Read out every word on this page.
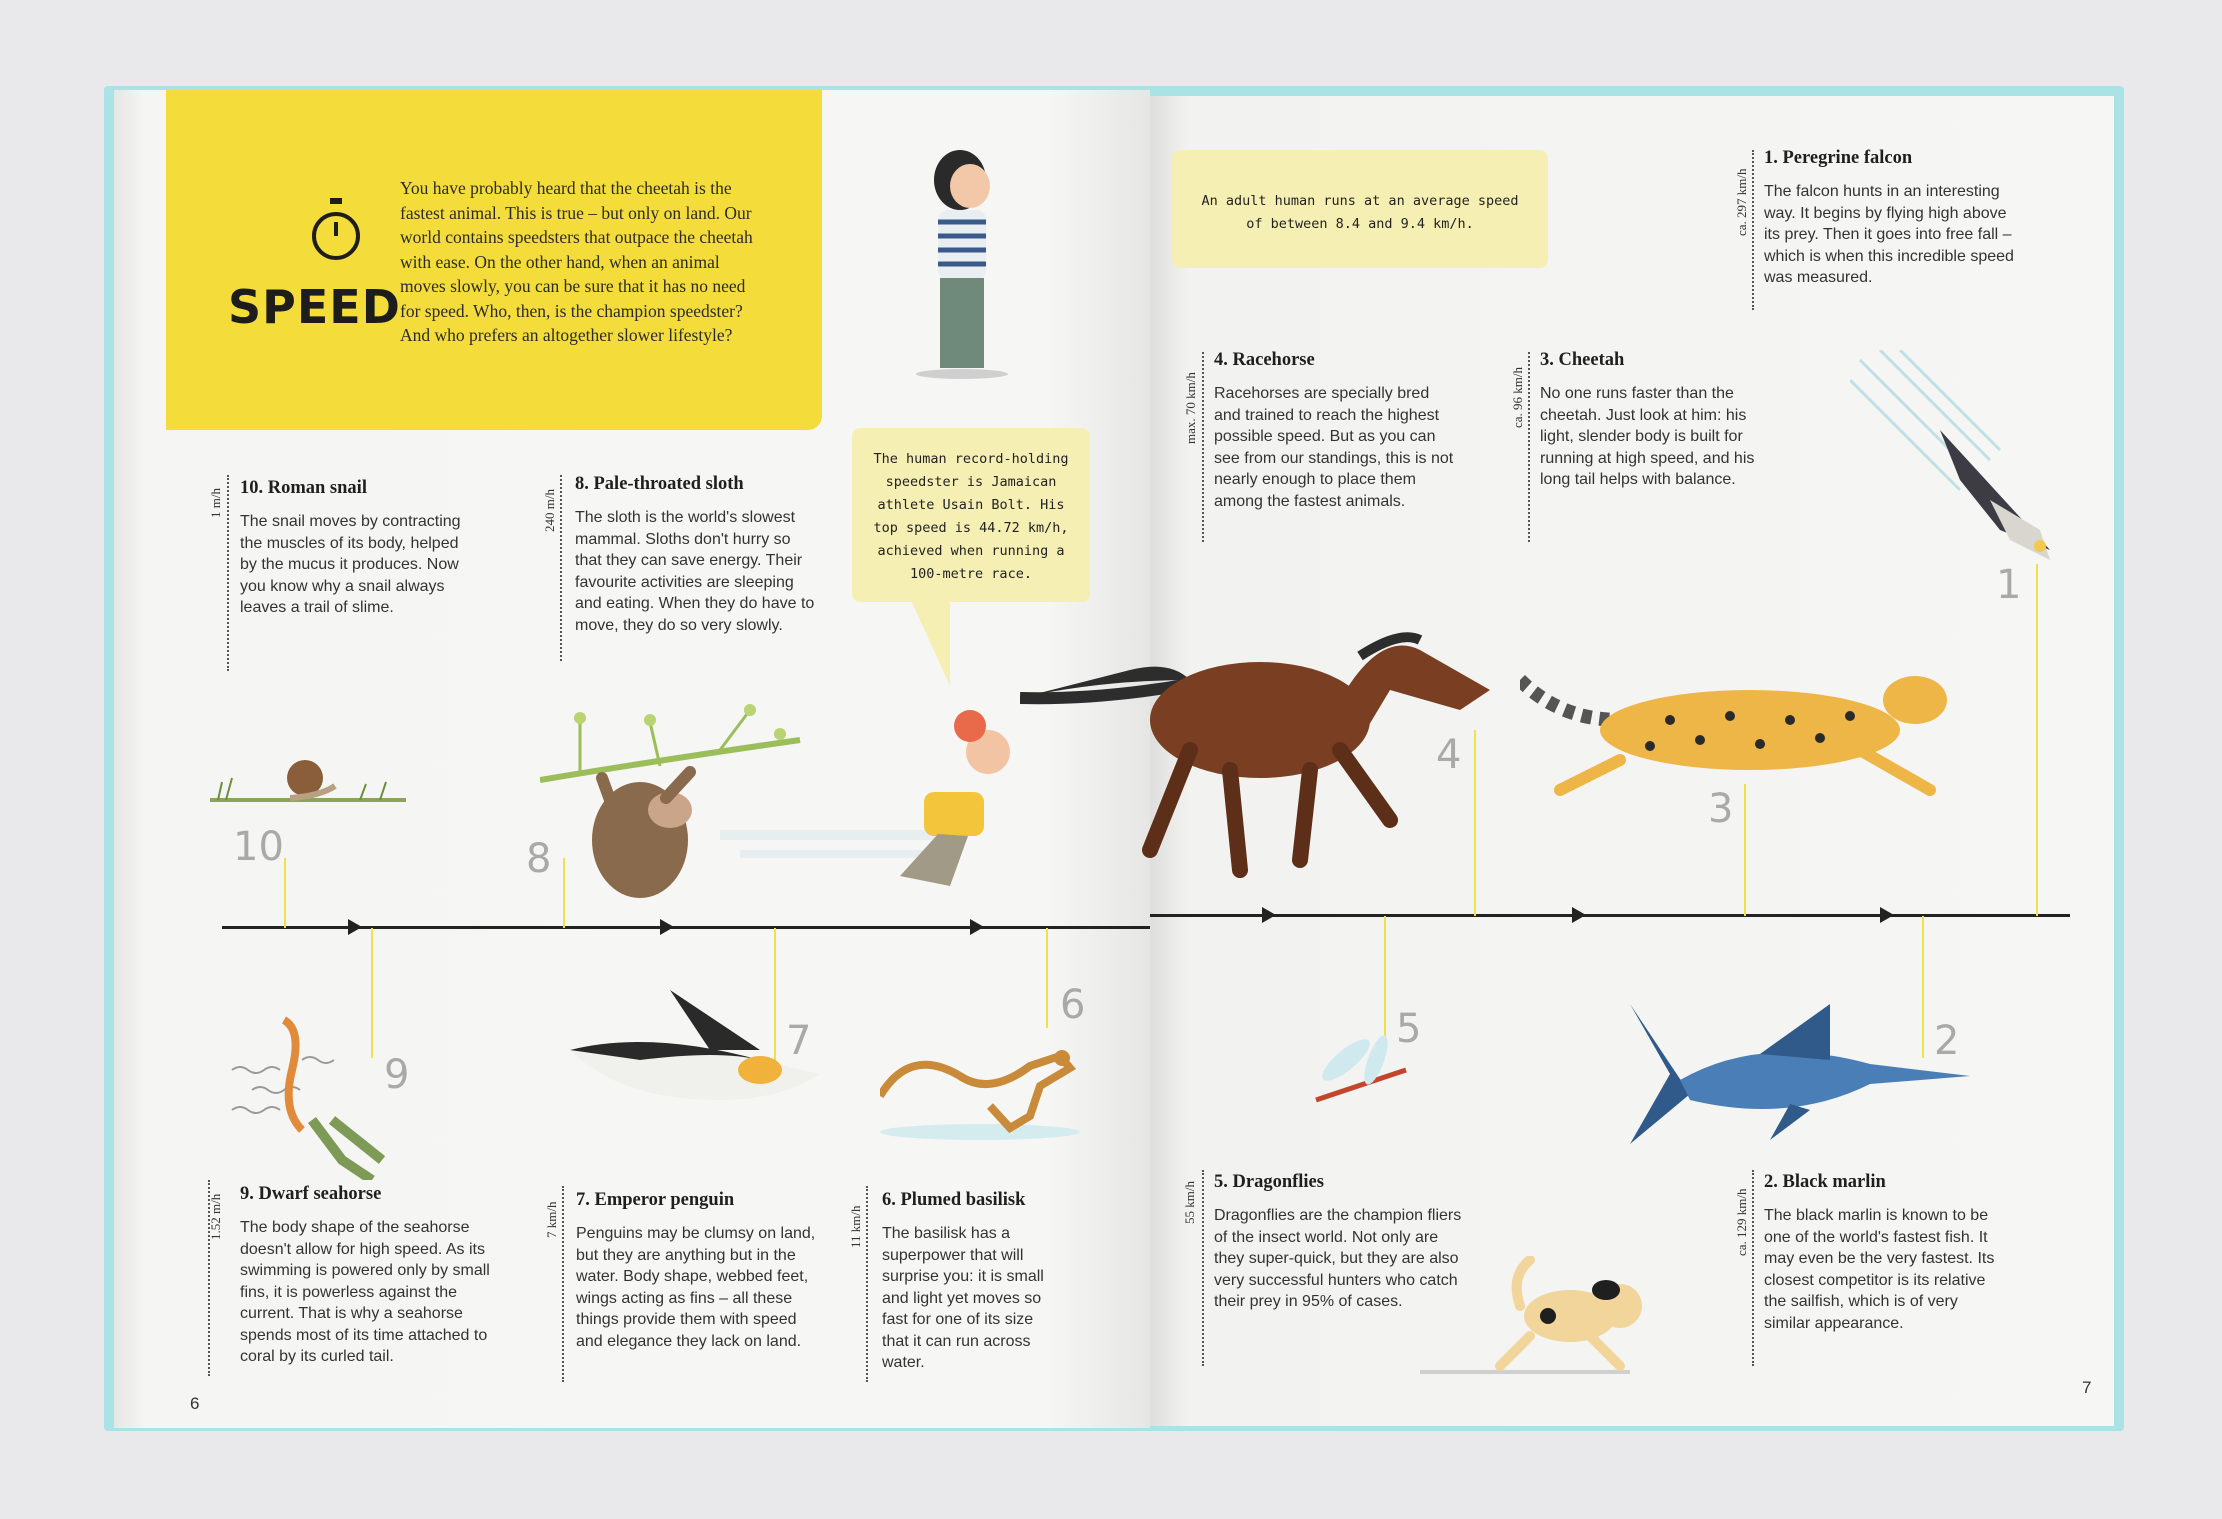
SPEED
You have probably heard that the cheetah is the fastest animal. This is true – but only on land. Our world contains speedsters that outpace the cheetah with ease. On the other hand, when an animal moves slowly, you can be sure that it has no need for speed. Who, then, is the champion speedster? And who prefers an altogether slower lifestyle?
An adult human runs at an average speed of between 8.4 and 9.4 km/h.
The human record-holding speedster is Jamaican athlete Usain Bolt. His top speed is 44.72 km/h, achieved when running a 100-metre race.
1 m/h
10. Roman snail
The snail moves by contracting the muscles of its body, helped by the mucus it produces. Now you know why a snail always leaves a trail of slime.
240 m/h
8. Pale-throated sloth
The sloth is the world's slowest mammal. Sloths don't hurry so that they can save energy. Their favourite activities are sleeping and eating. When they do have to move, they do so very slowly.
max. 70 km/h
4. Racehorse
Racehorses are specially bred and trained to reach the highest possible speed. But as you can see from our standings, this is not nearly enough to place them among the fastest animals.
ca. 96 km/h
3. Cheetah
No one runs faster than the cheetah. Just look at him: his light, slender body is built for running at high speed, and his long tail helps with balance.
ca. 297 km/h
1. Peregrine falcon
The falcon hunts in an interesting way. It begins by flying high above its prey. Then it goes into free fall – which is when this incredible speed was measured.
10	8
4
3
1
9
7
6
5	2
1.52 m/h 9. Dwarf seahorse
The body shape of the seahorse doesn't allow for high speed. As its swimming is powered only by small fins, it is powerless against the current. That is why a seahorse spends most of its time attached to coral by its curled tail.
7 km/h
7. Emperor penguin
Penguins may be clumsy on land, but they are anything but in the water. Body shape, webbed feet, wings acting as fins – all these things provide them with speed and elegance they lack on land.
11 km/h
6. Plumed basilisk
The basilisk has a superpower that will surprise you: it is small and light yet moves so fast for one of its size that it can run across water.
55 km/h 5. Dragonflies
Dragonflies are the champion fliers of the insect world. Not only are they super-quick, but they are also very successful hunters who catch their prey in 95% of cases.
ca. 129 km/h
2. Black marlin
The black marlin is known to be one of the world's fastest fish. It may even be the very fastest. Its closest competitor is its relative the sailfish, which is of very similar appearance.
6
7
